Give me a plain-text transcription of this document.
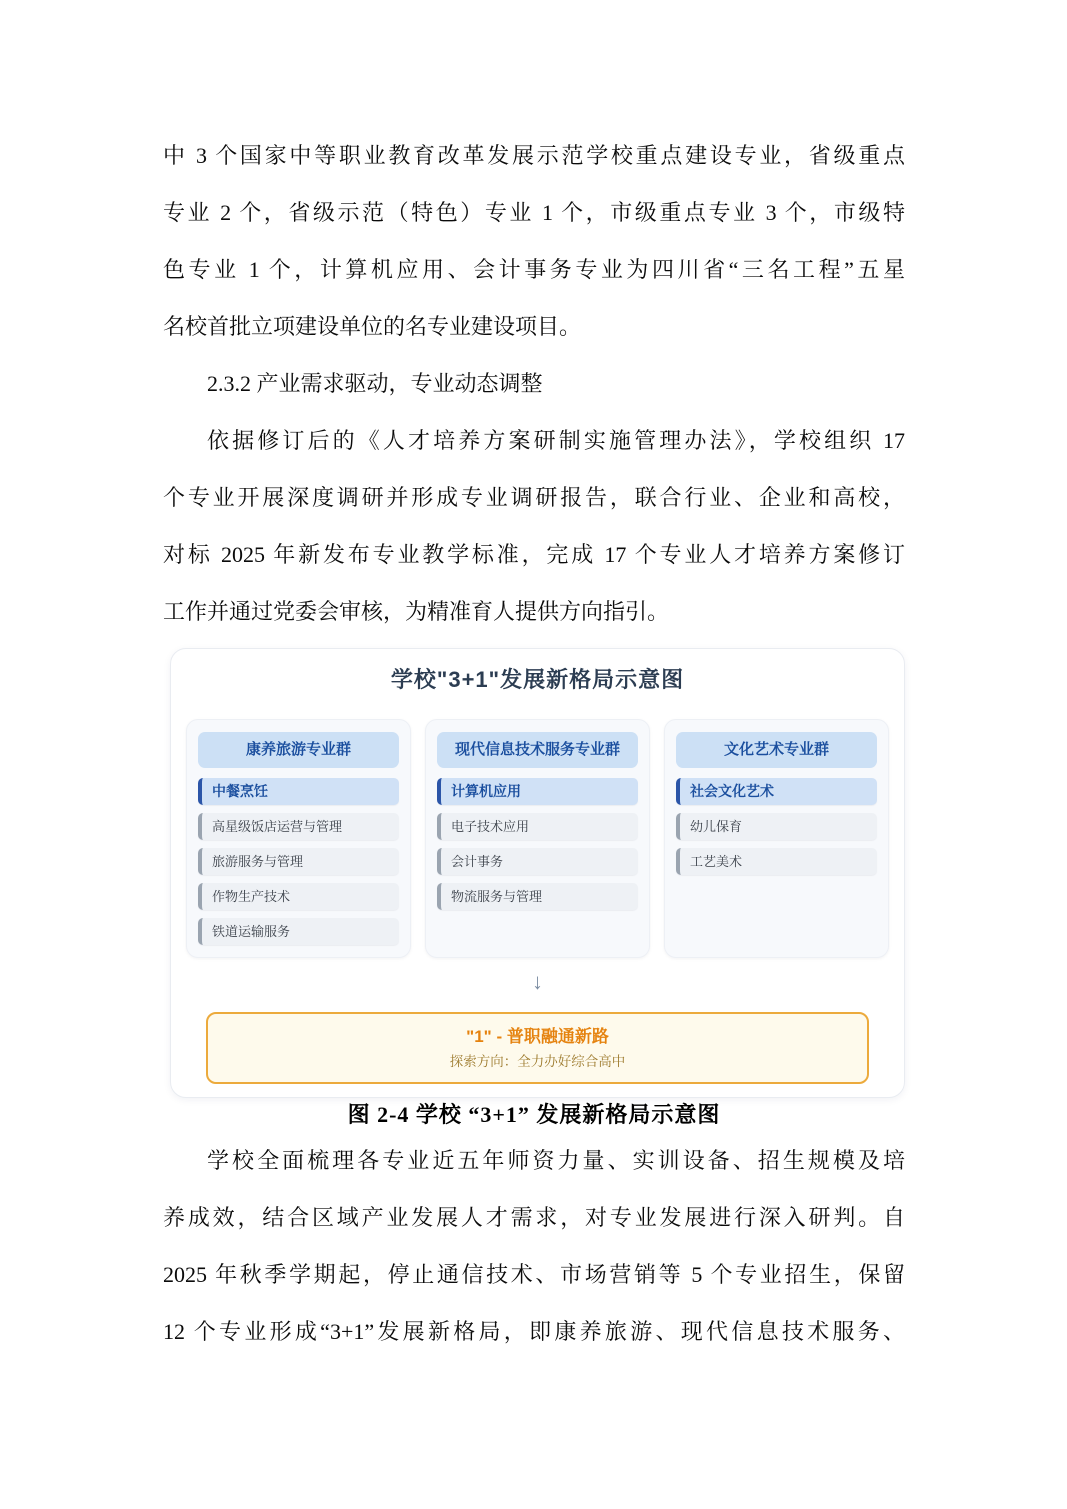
中 3 个国家中等职业教育改革发展示范学校重点建设专业，省级重点
专业 2 个，省级示范（特色）专业 1 个，市级重点专业 3 个，市级特
色专业 1 个，计算机应用、会计事务专业为四川省“三名工程”五星
名校首批立项建设单位的名专业建设项目。
2.3.2 产业需求驱动，专业动态调整
依据修订后的《人才培养方案研制实施管理办法》，学校组织 17
个专业开展深度调研并形成专业调研报告，联合行业、企业和高校，
对标 2025 年新发布专业教学标准，完成 17 个专业人才培养方案修订
工作并通过党委会审核，为精准育人提供方向指引。
学校"3+1"发展新格局示意图
康养旅游专业群
中餐烹饪
高星级饭店运营与管理
旅游服务与管理
作物生产技术
铁道运输服务
现代信息技术服务专业群
计算机应用
电子技术应用
会计事务
物流服务与管理
文化艺术专业群
社会文化艺术
幼儿保育
工艺美术
↓
"1" - 普职融通新路
探索方向：全力办好综合高中
图 2-4 学校 “3+1” 发展新格局示意图
学校全面梳理各专业近五年师资力量、实训设备、招生规模及培
养成效，结合区域产业发展人才需求，对专业发展进行深入研判。自
2025 年秋季学期起，停止通信技术、市场营销等 5 个专业招生，保留
12 个专业形成“3+1”发展新格局，即康养旅游、现代信息技术服务、
